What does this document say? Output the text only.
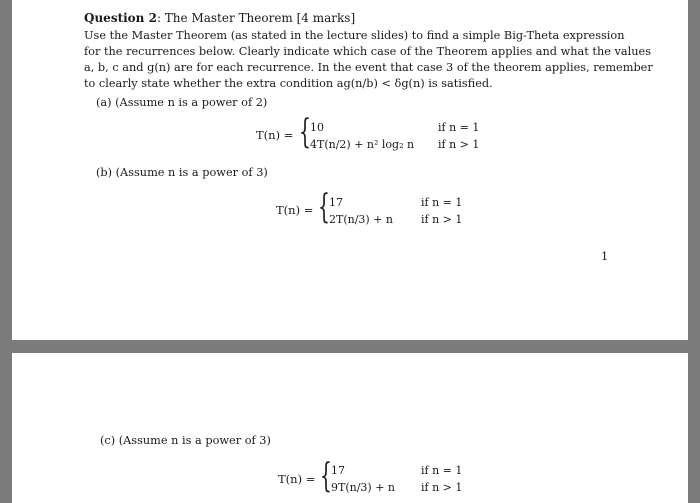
Question 2: The Master Theorem [4 marks]
Use the Master Theorem (as stated in the lecture slides) to find a simple Big-Theta expression
for the recurrences below. Clearly indicate which case of the Theorem applies and what the values
a, b, c and g(n) are for each recurrence. In the event that case 3 of the theorem applies, remember
to clearly state whether the extra condition ag(n/b) < δg(n) is satisfied.
(a) (Assume n is a power of 2)
T(n) = { 10	if n = 1
4T(n/2) + n² log₂ n	if n > 1
(b) (Assume n is a power of 3)
T(n) = { 17	if n = 1
2T(n/3) + n	if n > 1
1
(c) (Assume n is a power of 3)
T(n) = { 17	if n = 1
9T(n/3) + n	if n > 1
